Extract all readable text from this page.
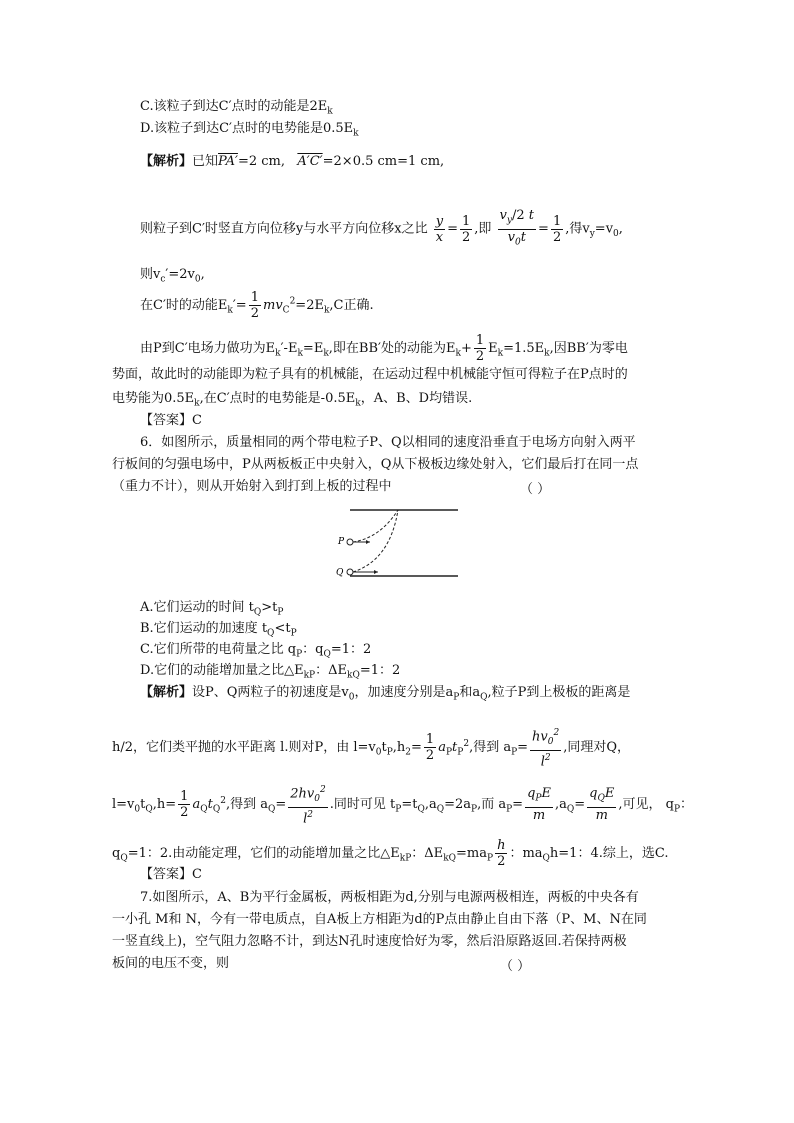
C.该粒子到达C′点时的动能是$2E_k$
D.该粒子到达C′点时的电势能是$0.5E_k$
【解析】已知PA′=2 cm, A′C′=2×0.5 cm=1 cm,
则粒子到C′时竖直方向位移y与水平方向位移x之比 $\frac{y}{x} = \frac{1}{2}$ ,即 $\frac{v_y/2 t}{v_0t} = \frac{1}{2}$ ,得$v_y=v_0$,
则$v_c'=2v_0$,
在C′时的动能$E_k'= \frac{1}{2} mv_C^2=2E_k,C$正确.
由P到C′电场力做功为$E_k'-E_k=E_k$,即在BB′处的动能为$E_k+ \frac{1}{2} E_k=1.5E_k$,因BB′为零电
势面，故此时的动能即为粒子具有的机械能，在运动过程中机械能守恒可得粒子在P点时的
电势能为$0.5E_k$,在C′点时的电势能是$-0.5E_k$，A、B、D均错误.
【答案】C
6．如图所示，质量相同的两个带电粒子P、Q以相同的速度沿垂直于电场方向射入两平
行板间的匀强电场中，P从两板板正中央射入，Q从下极板边缘处射入，它们最后打在同一点
（重力不计），则从开始射入到打到上板的过程中	（ ）
P
Q
A.它们运动的时间 $t_Q>t_P$
B.它们运动的加速度 $t_Q<t_P$
C.它们所带的电荷量之比 $q_P$：$q_Q=1$：2
D.它们的动能增加量之比$\triangle E_{kP}$：$\Delta E_{kQ}=1$：2
【解析】设P、Q两粒子的初速度是$v_0$，加速度分别是$a_P$和$a_Q$,粒子P到上极板的距离是
h/2，它们类平抛的水平距离 l.则对P，由 $l=v_0t_P,h_2= \frac{1}{2} a_Pt_P^2$,得到 $a_P= \frac{hv_0^2}{l^2}$ ,同理对Q，
$l=v_0t_Q,h= \frac{1}{2} a_Qt_Q^2$,得到 $a_Q= \frac{2hv_0^2}{l^2}$ .同时可见 $t_P=t_Q,a_Q=2a_P$,而 $a_P= \frac{q_PE}{m} ,a_Q= \frac{q_QE}{m}$ ,可见， $q_P$：
$q_Q=1$：2.由动能定理，它们的动能增加量之比$\triangle E_{kP}$：$\Delta E_{kQ}=ma_P \frac{h}{2}$ ：$ma_Qh=1$：4.综上，选C.
【答案】C
7.如图所示，A、B为平行金属板，两板相距为d,分别与电源两极相连，两板的中央各有
一小孔 M和 N，今有一带电质点，自A板上方相距为d的P点由静止自由下落（P、M、N在同
一竖直线上)，空气阻力忽略不计，到达N孔时速度恰好为零，然后沿原路返回.若保持两极
板间的电压不变，则	（ ）
